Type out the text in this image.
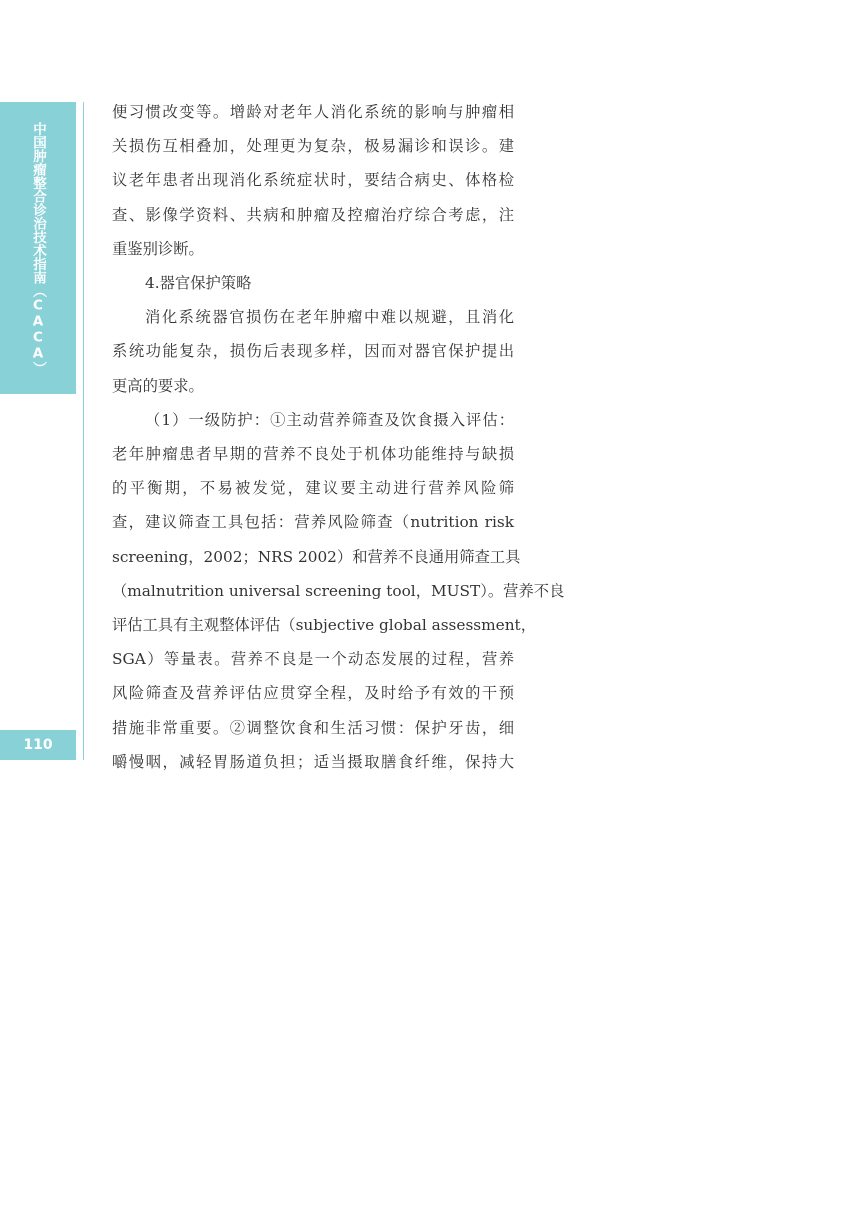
中国肿瘤整合诊治技术指南（CACA）
110

便习惯改变等。增龄对老年人消化系统的影响与肿瘤相
关损伤互相叠加，处理更为复杂，极易漏诊和误诊。建
议老年患者出现消化系统症状时，要结合病史、体格检
查、影像学资料、共病和肿瘤及控瘤治疗综合考虑，注
重鉴别诊断。

4.器官保护策略

消化系统器官损伤在老年肿瘤中难以规避，且消化
系统功能复杂，损伤后表现多样，因而对器官保护提出
更高的要求。

（1）一级防护：①主动营养筛查及饮食摄入评估：
老年肿瘤患者早期的营养不良处于机体功能维持与缺损
的平衡期，不易被发觉，建议要主动进行营养风险筛
查，建议筛查工具包括：营养风险筛查（nutrition risk
screening，2002；NRS 2002）和营养不良通用筛查工具
（malnutrition universal screening tool，MUST）。营养不良
评估工具有主观整体评估（subjective global assessment，
SGA）等量表。营养不良是一个动态发展的过程，营养
风险筛查及营养评估应贯穿全程，及时给予有效的干预
措施非常重要。②调整饮食和生活习惯：保护牙齿，细
嚼慢咽，减轻胃肠道负担；适当摄取膳食纤维，保持大
